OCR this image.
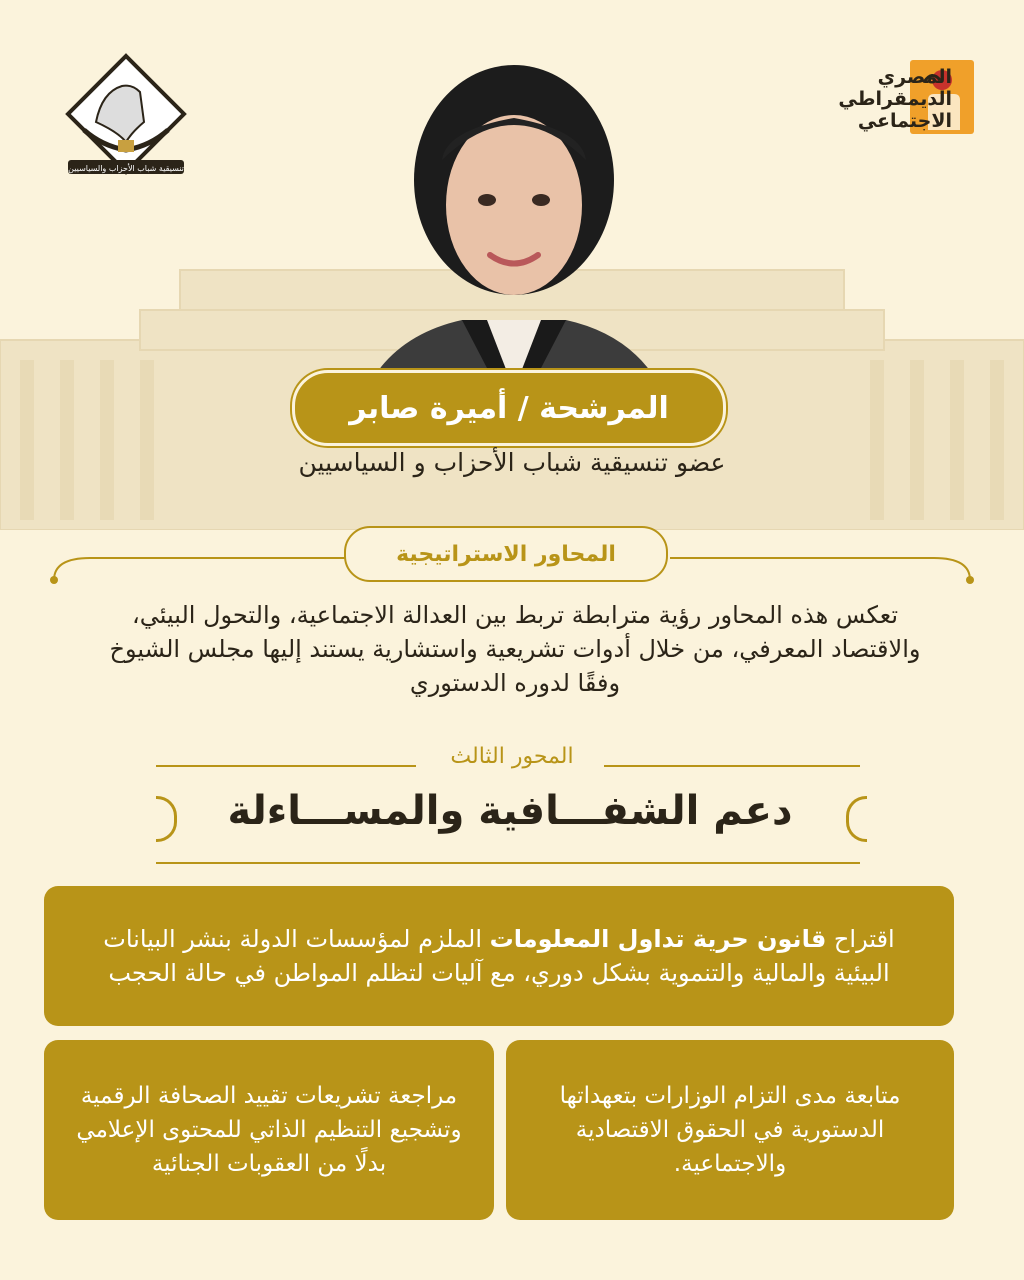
تنسيقية شباب الأحزاب والسياسيين
المصري
الديمقراطي
الاجتماعي
المرشحة / أميرة صابر
عضو تنسيقية شباب الأحزاب و السياسيين
المحاور الاستراتيجية
تعكس هذه المحاور رؤية مترابطة تربط بين العدالة الاجتماعية، والتحول البيئي، والاقتصاد المعرفي، من خلال أدوات تشريعية واستشارية يستند إليها مجلس الشيوخ وفقًا لدوره الدستوري
المحور الثالث
دعم الشفـــافية والمســـاءلة
اقتراح قانون حرية تداول المعلومات الملزم لمؤسسات الدولة بنشر البيانات البيئية والمالية والتنموية بشكل دوري، مع آليات لتظلم المواطن في حالة الحجب
متابعة مدى التزام الوزارات بتعهداتها الدستورية في الحقوق الاقتصادية والاجتماعية.
مراجعة تشريعات تقييد الصحافة الرقمية وتشجيع التنظيم الذاتي للمحتوى الإعلامي بدلًا من العقوبات الجنائية
